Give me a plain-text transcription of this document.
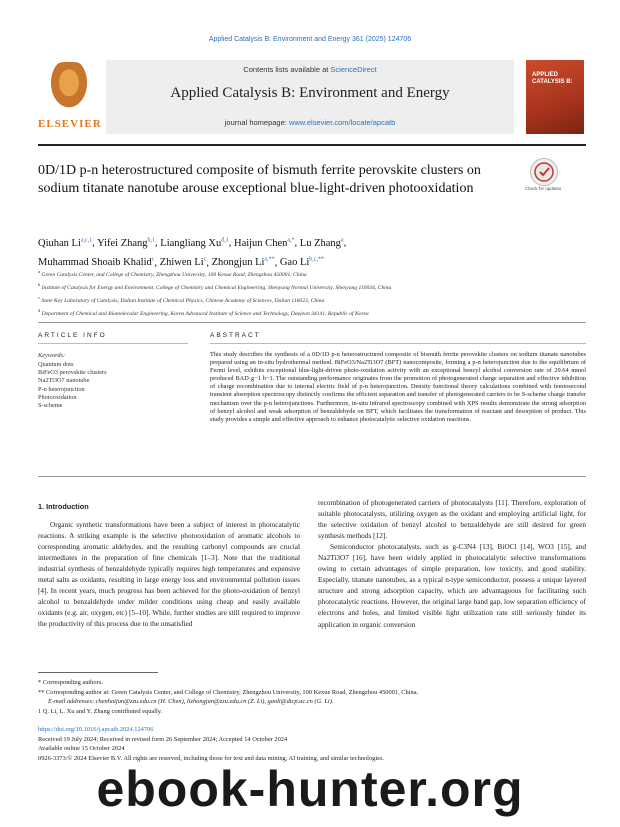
Applied Catalysis B: Environment and Energy 361 (2025) 124706
ELSEVIER
Contents lists available at ScienceDirect
Applied Catalysis B: Environment and Energy
journal homepage: www.elsevier.com/locate/apcatb
APPLIED CATALYSIS B:
0D/1D p-n heterostructured composite of bismuth ferrite perovskite clusters on sodium titanate nanotube arouse exceptional blue-light-driven photooxidation	Check for updates
Qiuhan Li$^{a,c,1}$, Yifei Zhang$^{b,1}$, Liangliang Xu$^{d,1}$, Haijun Chen$^{a,*}$, Lu Zhang$^a$,
Muhammad Shoaib Khalid$^c$, Zhiwen Li$^c$, Zhongjun $Li^{a,**}$, Gao $Li^{b,c,**}$
$^a$ Green Catalysis Center, and College of Chemistry, Zhengzhou University, 100 Kexue Road, Zhengzhou 450001, China
$^b$ Institute of Catalysis for Energy and Environment, College of Chemistry and Chemical Engineering, Shenyang Normal University, Shenyang 110034, China
$^c$ State Key Laboratory of Catalysis, Dalian Institute of Chemical Physics, Chinese Academy of Sciences, Dalian 116023, China
$^d$ Department of Chemical and Biomolecular Engineering, Korea Advanced Institute of Science and Technology, Daejeon 34141, Republic of Korea
ARTICLE INFO	ABSTRACT
Keywords:
Quantum dots
BiFeO3 perovskite clusters
Na2Ti3O7 nanotube
P-n heterojunction
Photooxidation
S-scheme
This study describes the synthesis of a 0D/1D p-n heterostructured composite of bismuth ferrite perovskite clusters on sodium titanate nanotubes prepared using an in-situ hydrothermal method. BiFeO3/Na2Ti3O7 (BFT) nanocomposite, forming a p-n heterojunction due to the equilibrium of Fermi level, exhibits exceptional blue-light-driven photo-oxidation activity with an exceptional benzyl alcohol conversion rate of 29.64 mmol produced BAD·g−1 h−1. The outstanding performance originates from the promotion of photogenerated charge separation and effective inhibition of charge recombination due to internal electric field of p-n heterojunction. Density functional theory calculations combined with femtosecond transient absorption spectroscopy distinctly confirms the efficient separation and transfer of photogenerated carriers to be S-scheme charge transfer mechanism over the p-n heterojunctions. Furthermore, in-situ infrared spectroscopy combined with XPS results demonstrate the strong adsorption of benzyl alcohol and weak adsorption of benzaldehyde on BFT, which facilitates the transformation of reactant and desorption of product. This study provides a simple and effective approach to enhance photocatalytic selective oxidation reactions.
1. Introduction

Organic synthetic transformations have been a subject of interest in photocatalytic reactions. A striking example is the selective photooxidation of aromatic alcohols to corresponding aromatic aldehydes, and the resulting carbonyl compounds are crucial intermediates in the preparation of fine chemicals [1–3]. Note that the traditional industrial synthesis of benzaldehyde typically requires high temperatures and expensive metal salts as oxidants, resulting in large energy loss and environmental pollution issues [4]. In recent years, much progress has been achieved for the photo-oxidation of benzyl alcohol to benzaldehyde under milder conditions using cheap and easily available oxidants (e.g. air, oxygen, etc) [5–10]. While, further studies are still required to improve the productivity of this process due to the unsatisfied

recombination of photogenerated carriers of photocatalysts [11]. Therefore, exploration of suitable photocatalysts, utilizing oxygen as the oxidant and employing artificial light, for the selective oxidation of benzyl alcohol to benzaldehyde are still desired for green synthesis methods [12].

Semiconductor photocatalysts, such as g-C3N4 [13], BiOCl [14], WO3 [15], and Na2Ti3O7 [16], have been widely applied in photocatalytic selective transformations owing to certain advantages of simple preparation, low toxicity, and good stability. Especially, titanate nanotubes, as a typical n-type semiconductor, possess a unique layered structure and strong adsorption capacity, which are advantageous for facilitating such photocatalytic reactions. However, the original large band gap, low separation efficiency of electrons and holes, and limited visible light utilization rate still seriously hinder its application in organic conversion

* Corresponding authors.
** Corresponding author at: Green Catalysis Center, and College of Chemistry, Zhengzhou University, 100 Kexue Road, Zhengzhou 450001, China.
E-mail addresses: chenhaijun@zzu.edu.cn (H. Chen), lizhongjun@zzu.edu.cn (Z. Li), gaoli@dicp.ac.cn (G. Li).
1 Q. Li, L. Xu and Y. Zhang contributed equally.
https://doi.org/10.1016/j.apcatb.2024.124706
Received 19 July 2024; Received in revised form 26 September 2024; Accepted 14 October 2024
Available online 15 October 2024
0926-3373/© 2024 Elsevier B.V. All rights are reserved, including those for text and data mining, AI training, and similar technologies.
ebook-hunter.org
